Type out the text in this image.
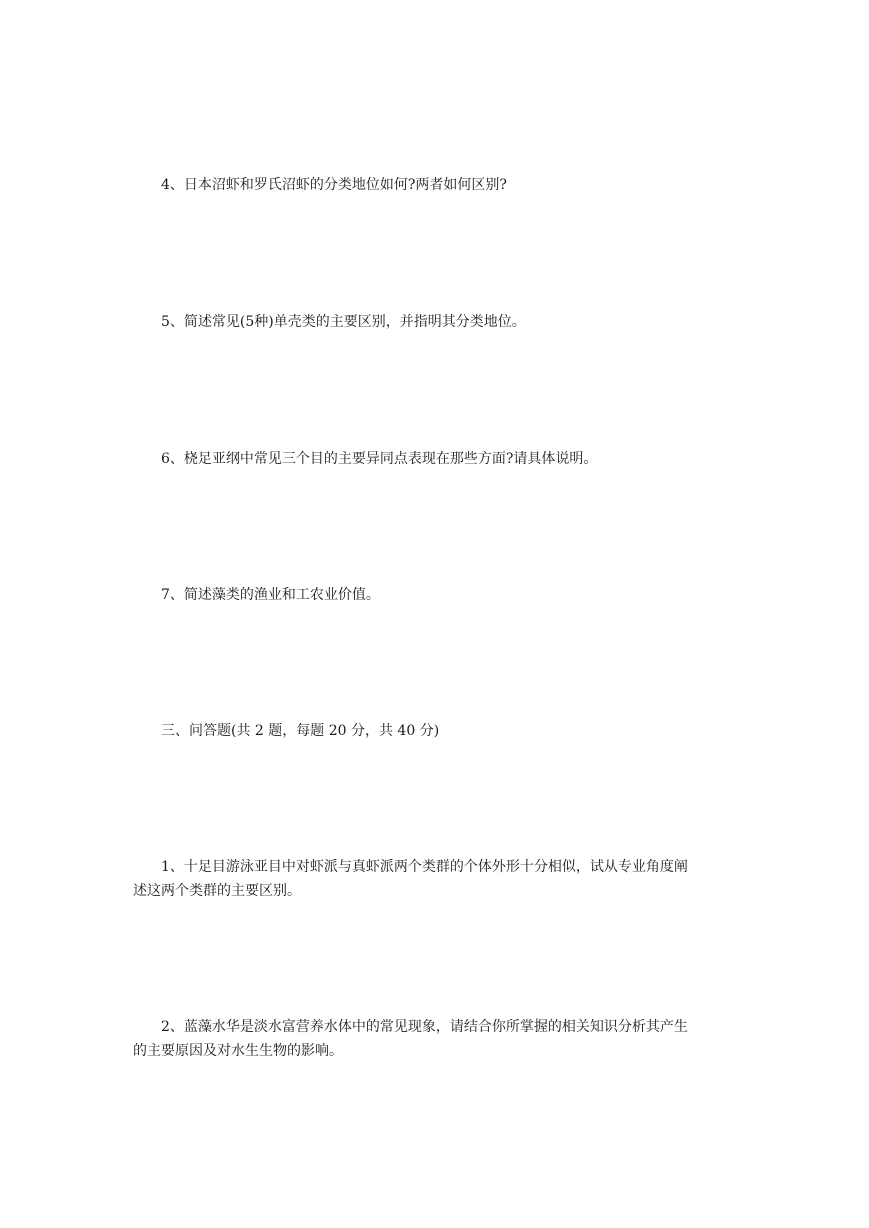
4、日本沼虾和罗氏沼虾的分类地位如何?两者如何区别?
5、简述常见(5种)单壳类的主要区别，并指明其分类地位。
6、桡足亚纲中常见三个目的主要异同点表现在那些方面?请具体说明。
7、简述藻类的渔业和工农业价值。
三、问答题(共 2 题，每题 20 分，共 40 分)
1、十足目游泳亚目中对虾派与真虾派两个类群的个体外形十分相似，试从专业角度阐
述这两个类群的主要区别。
2、蓝藻水华是淡水富营养水体中的常见现象，请结合你所掌握的相关知识分析其产生
的主要原因及对水生生物的影响。
